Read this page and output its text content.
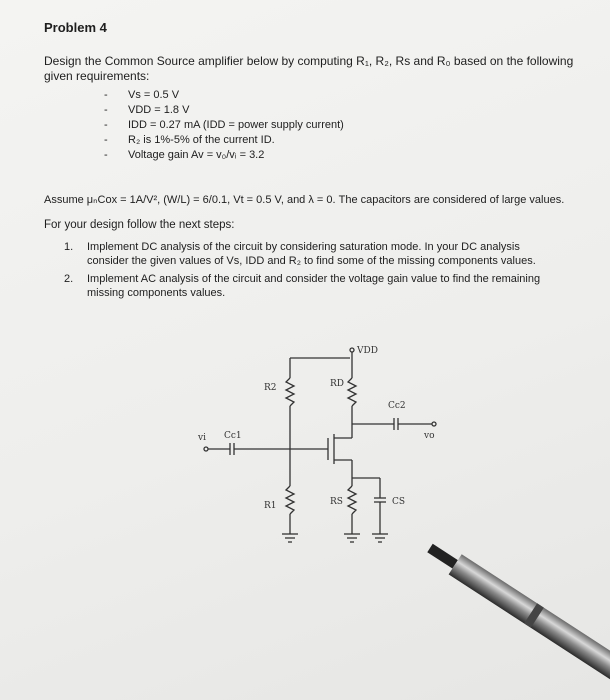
Problem 4
Design the Common Source amplifier below by computing R₁, R₂, Rs and R₀ based on the following given requirements:
- Vs = 0.5 V
- VDD = 1.8 V
- IDD = 0.27 mA (IDD = power supply current)
- R₂ is 1%-5% of the current ID.
- Voltage gain Av = v₀/vᵢ = 3.2
Assume μₙCox = 1A/V², (W/L) = 6/0.1, Vt = 0.5 V, and λ = 0. The capacitors are considered of large values.
For your design follow the next steps:
1. Implement DC analysis of the circuit by considering saturation mode. In your DC analysis consider the given values of Vs, IDD and R₂ to find some of the missing components values.
2. Implement AC analysis of the circuit and consider the voltage gain value to find the remaining missing components values.
VDD
R2	RD
Cc2
vo
vi Cc1
R1	RS	CS
